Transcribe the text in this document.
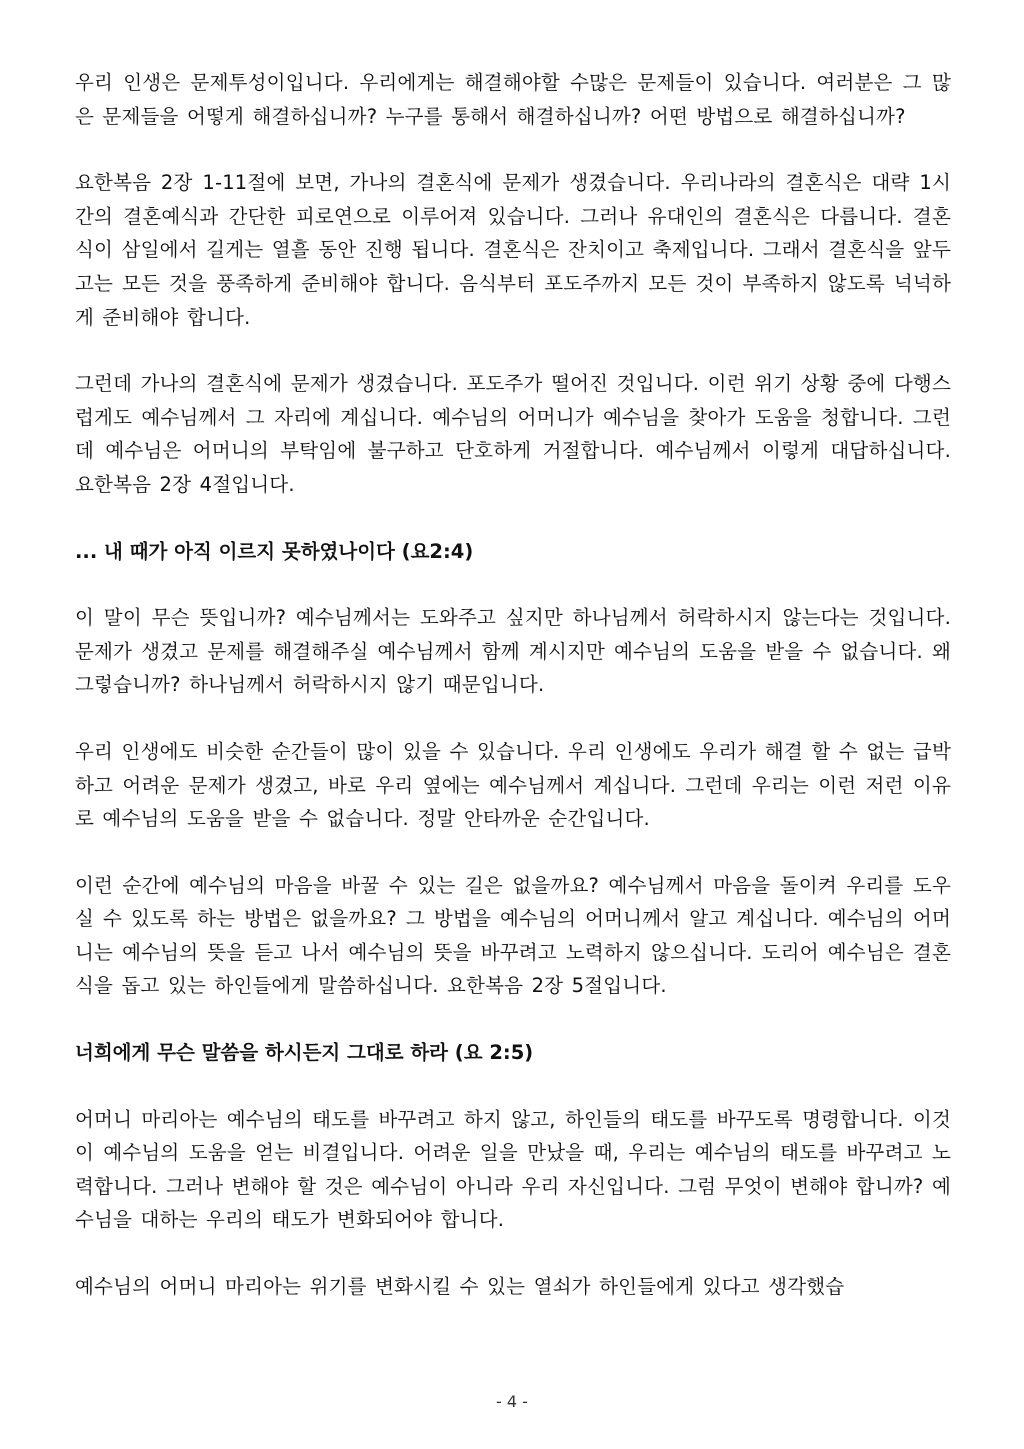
우리 인생은 문제투성이입니다. 우리에게는 해결해야할 수많은 문제들이 있습니다. 여러분은 그 많은 문제들을 어떻게 해결하십니까? 누구를 통해서 해결하십니까? 어떤 방법으로 해결하십니까?

요한복음 2장 1-11절에 보면, 가나의 결혼식에 문제가 생겼습니다. 우리나라의 결혼식은 대략 1시간의 결혼예식과 간단한 피로연으로 이루어져 있습니다. 그러나 유대인의 결혼식은 다릅니다. 결혼식이 삼일에서 길게는 열흘 동안 진행 됩니다. 결혼식은 잔치이고 축제입니다. 그래서 결혼식을 앞두고는 모든 것을 풍족하게 준비해야 합니다. 음식부터 포도주까지 모든 것이 부족하지 않도록 넉넉하게 준비해야 합니다.

그런데 가나의 결혼식에 문제가 생겼습니다. 포도주가 떨어진 것입니다. 이런 위기 상황 중에 다행스럽게도 예수님께서 그 자리에 계십니다. 예수님의 어머니가 예수님을 찾아가 도움을 청합니다. 그런데 예수님은 어머니의 부탁임에 불구하고 단호하게 거절합니다. 예수님께서 이렇게 대답하십니다. 요한복음 2장 4절입니다.

... 내 때가 아직 이르지 못하였나이다 (요2:4)

이 말이 무슨 뜻입니까? 예수님께서는 도와주고 싶지만 하나님께서 허락하시지 않는다는 것입니다. 문제가 생겼고 문제를 해결해주실 예수님께서 함께 계시지만 예수님의 도움을 받을 수 없습니다. 왜 그렇습니까? 하나님께서 허락하시지 않기 때문입니다.

우리 인생에도 비슷한 순간들이 많이 있을 수 있습니다. 우리 인생에도 우리가 해결 할 수 없는 급박하고 어려운 문제가 생겼고, 바로 우리 옆에는 예수님께서 계십니다. 그런데 우리는 이런 저런 이유로 예수님의 도움을 받을 수 없습니다. 정말 안타까운 순간입니다.

이런 순간에 예수님의 마음을 바꿀 수 있는 길은 없을까요? 예수님께서 마음을 돌이켜 우리를 도우실 수 있도록 하는 방법은 없을까요? 그 방법을 예수님의 어머니께서 알고 계십니다. 예수님의 어머니는 예수님의 뜻을 듣고 나서 예수님의 뜻을 바꾸려고 노력하지 않으십니다. 도리어 예수님은 결혼식을 돕고 있는 하인들에게 말씀하십니다. 요한복음 2장 5절입니다.

너희에게 무슨 말씀을 하시든지 그대로 하라 (요 2:5)

어머니 마리아는 예수님의 태도를 바꾸려고 하지 않고, 하인들의 태도를 바꾸도록 명령합니다. 이것이 예수님의 도움을 얻는 비결입니다. 어려운 일을 만났을 때, 우리는 예수님의 태도를 바꾸려고 노력합니다. 그러나 변해야 할 것은 예수님이 아니라 우리 자신입니다. 그럼 무엇이 변해야 합니까? 예수님을 대하는 우리의 태도가 변화되어야 합니다.

예수님의 어머니 마리아는 위기를 변화시킬 수 있는 열쇠가 하인들에게 있다고 생각했습

- 4 -
